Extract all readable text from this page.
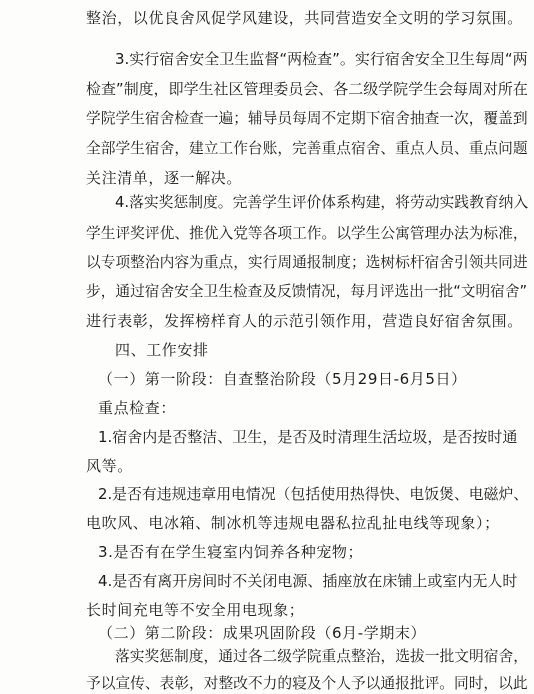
整治，以优良舍风促学风建设，共同营造安全文明的学习氛围。

3.实行宿舍安全卫生监督“两检查”。实行宿舍安全卫生每周“两

检查”制度，即学生社区管理委员会、各二级学院学生会每周对所在

学院学生宿舍检查一遍；辅导员每周不定期下宿舍抽查一次，覆盖到

全部学生宿舍，建立工作台账，完善重点宿舍、重点人员、重点问题

关注清单，逐一解决。

4.落实奖惩制度。完善学生评价体系构建，将劳动实践教育纳入

学生评奖评优、推优入党等各项工作。以学生公寓管理办法为标准，

以专项整治内容为重点，实行周通报制度；选树标杆宿舍引领共同进

步，通过宿舍安全卫生检查及反馈情况，每月评选出一批“文明宿舍”

进行表彰，发挥榜样育人的示范引领作用，营造良好宿舍氛围。

四、工作安排

（一）第一阶段：自查整治阶段（5月29日-6月5日）

重点检查：

1.宿舍内是否整洁、卫生，是否及时清理生活垃圾，是否按时通

风等。

2.是否有违规违章用电情况（包括使用热得快、电饭煲、电磁炉、

电吹风、电冰箱、制冰机等违规电器私拉乱扯电线等现象）；

3.是否有在学生寝室内饲养各种宠物；

4.是否有离开房间时不关闭电源、插座放在床铺上或室内无人时

长时间充电等不安全用电现象；

（二）第二阶段：成果巩固阶段（6月-学期末）

落实奖惩制度，通过各二级学院重点整治，选拔一批文明宿舍，

予以宣传、表彰，对整改不力的寝及个人予以通报批评。同时，以此
